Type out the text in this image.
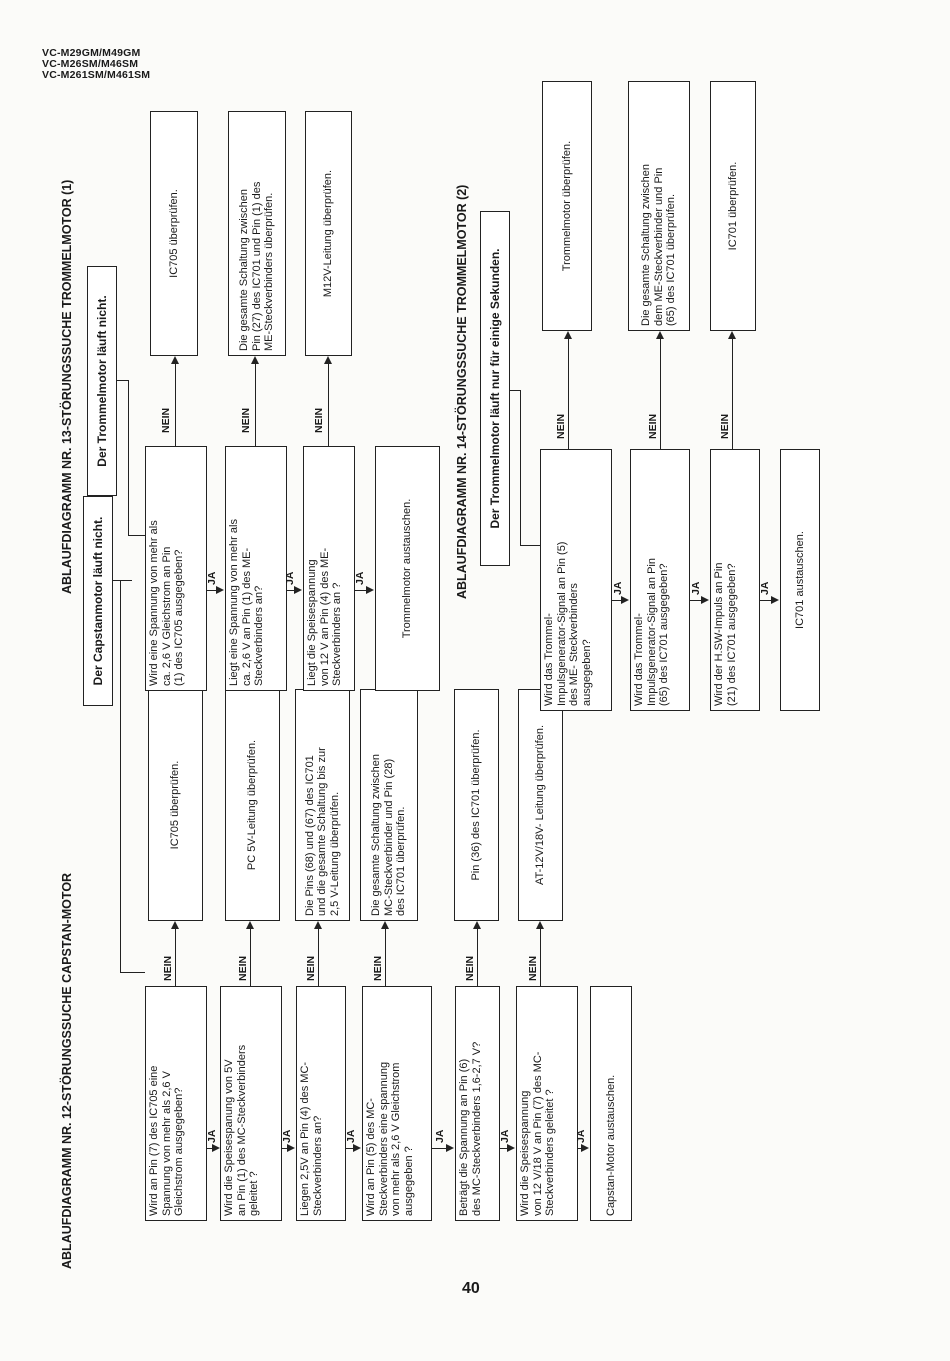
VC-M29GM/M49GM
VC-M26SM/M46SM
VC-M261SM/M461SM
ABLAUFDIAGRAMM NR. 12-STÖRUNGSSUCHE CAPSTAN-MOTOR
Der Capstanmotor läuft nicht.
Wird an Pin (7) des IC705 eine Spannung von mehr als 2,6 V Gleichstrom ausgegeben?	Wird die Speisespanung von 5V an Pin (1) des MC-Steckverbinders geleitet ?	Liegen 2,5V an Pin (4) des MC- Steckverbinders an?	Wird an Pin (5) des MC- Steckverbinders eine spannung von mehr als 2,6 V Gleichstrom ausgegeben ?	Beträgt die Spannung an Pin (6) des MC-Steckverbinders 1,6-2,7 V?	Wird die Speisespannung von 12 V/18 V an Pin (7) des MC- Steckverbinders geleitet ?	Capstan-Motor austauschen.
IC705 überprüfen.	PC 5V-Leitung überprüfen.	Die Pins (68) und (67) des IC701 und die gesamte Schaltung bis zur 2,5 V-Leitung überprüfen.	Die gesamte Schaltung zwischen MC-Steckverbinder und Pin (28) des IC701 überprüfen.	Pin (36) des IC701 überprüfen.	AT-12V/18V- Leitung überprüfen.
NEIN	NEIN	NEIN	NEIN	NEIN	NEIN
JA	JA	JA	JA	JA	JA
ABLAUFDIAGRAMM NR. 13-STÖRUNGSSUCHE TROMMELMOTOR (1)	Der Trommelmotor läuft nicht.
Wird eine Spannung von mehr als ca. 2,6 V Gleichstrom an Pin (1) des IC705 ausgegeben?	Liegt eine Spannung von mehr als ca. 2,6 V an Pin (1) des ME- Steckverbinders an?	Liegt die Speisespannung von 12 V an Pin (4) des ME- Steckverbinders an ?	Trommelmotor austauschen.
IC705 überprüfen.	Die gesamte Schaltung zwischen Pin (27) des IC701 und Pin (1) des ME-Steckverbinders überprüfen.	M12V-Leitung überprüfen.
NEIN	NEIN	NEIN
JA	JA	JA	ABLAUFDIAGRAMM NR. 14-STÖRUNGSSUCHE TROMMELMOTOR (2)	Der Trommelmotor läuft nur für einige Sekunden.
Wird das Trommel- Impulsgenerator-Signal an Pin (5) des ME- Steckverbinders ausgegeben?	Wird das Trommel- Impulsgenerator-Signal an Pin (65) des IC701 ausgegeben?	Wird der H.SW-Impuls an Pin (21) des IC701 ausgegeben?	IC701 austauschen.
Trommelmotor überprüfen.	Die gesamte Schaltung zwischen dem ME-Steckverbinder und Pin (65) des IC701 überprüfen.	IC701 überprüfen.
NEIN	NEIN	NEIN
JA	JA	JA
40
